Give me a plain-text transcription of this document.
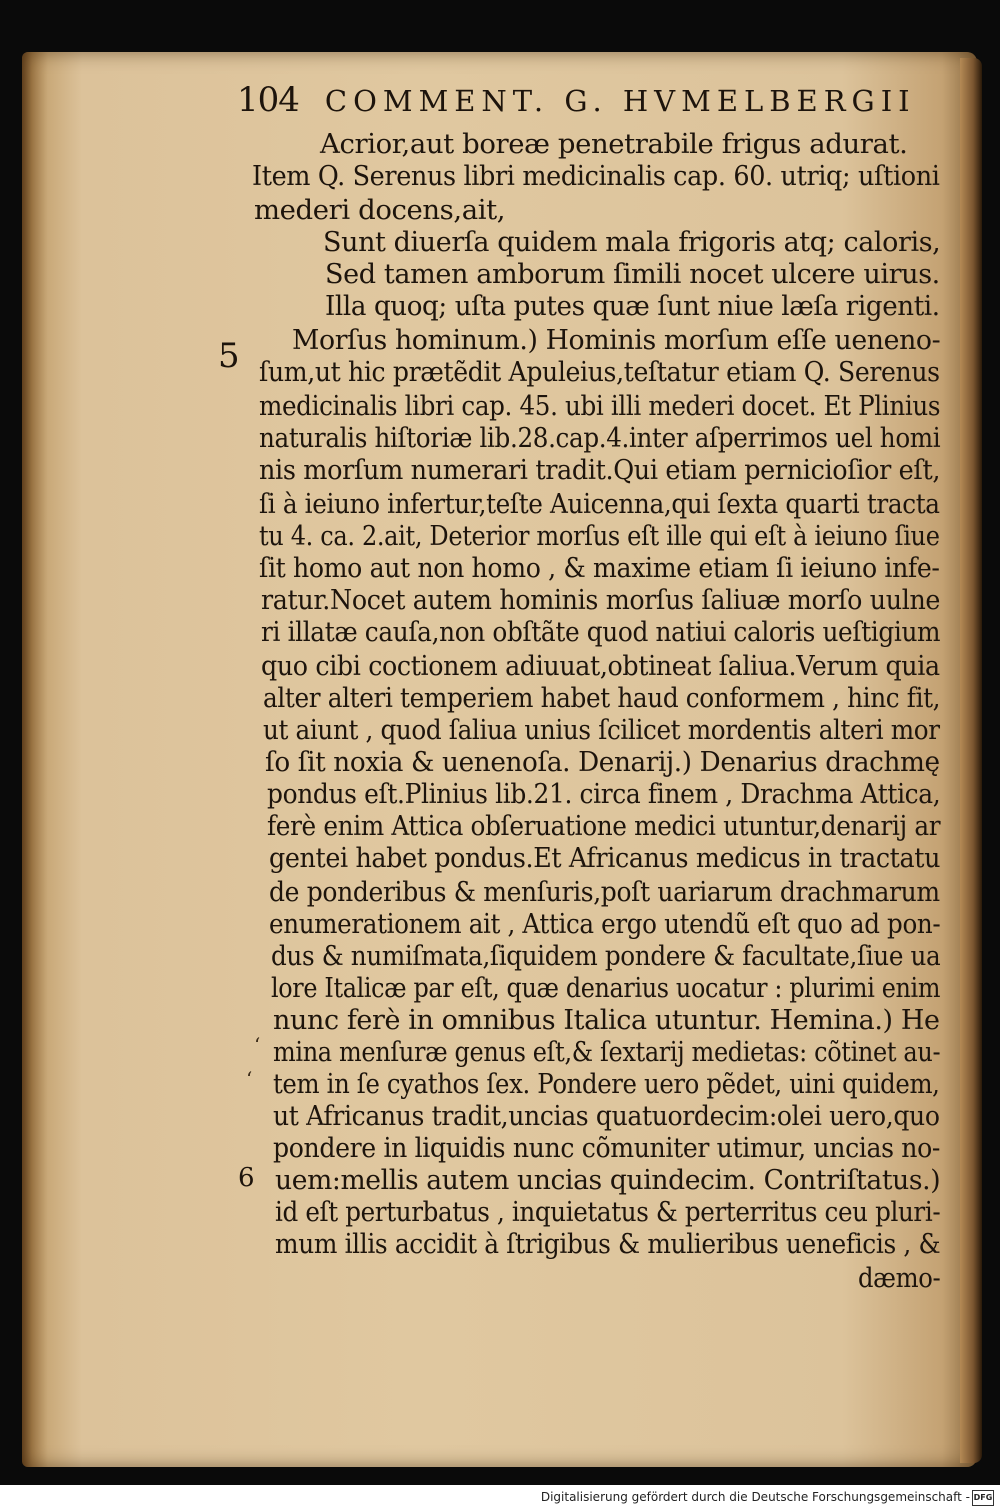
104 COMMENT. G. HVMELBERGII
5
6
‘
‘
Acrior,aut boreæ penetrabile frigus adurat.
Item Q. Serenus libri medicinalis cap. 60. utriq; uſtioni
mederi docens,ait,
Sunt diuerſa quidem mala frigoris atq; caloris,
Sed tamen amborum ſimili nocet ulcere uirus.
Illa quoq; uſta putes quæ ſunt niue læſa rigenti.
Morſus hominum.) Hominis morſum eſſe ueneno-
ſum,ut hic prætẽdit Apuleius,teſtatur etiam Q. Serenus
medicinalis libri cap. 45. ubi illi mederi docet. Et Plinius
naturalis hiſtoriæ lib.28.cap.4.inter aſperrimos uel homi
nis morſum numerari tradit.Qui etiam pernicioſior eſt,
ſi à ieiuno infertur,teſte Auicenna,qui ſexta quarti tracta
tu 4. ca. 2.ait, Deterior morſus eſt ille qui eſt à ieiuno ſiue
ſit homo aut non homo , & maxime etiam ſi ieiuno infe-
ratur.Nocet autem hominis morſus ſaliuæ morſo uulne
ri illatæ cauſa,non obſtãte quod natiui caloris ueſtigium
quo cibi coctionem adiuuat,obtineat ſaliua.Verum quia
alter alteri temperiem habet haud conformem , hinc fit,
ut aiunt , quod ſaliua unius ſcilicet mordentis alteri mor
ſo ſit noxia & uenenoſa. Denarij.) Denarius drachmę
pondus eſt.Plinius lib.21. circa finem , Drachma Attica,
ferè enim Attica obſeruatione medici utuntur,denarij ar
gentei habet pondus.Et Africanus medicus in tractatu
de ponderibus & menſuris,poſt uariarum drachmarum
enumerationem ait , Attica ergo utendũ eſt quo ad pon-
dus & numiſmata,ſiquidem pondere & facultate,ſiue ua
lore Italicæ par eſt, quæ denarius uocatur : plurimi enim
nunc ferè in omnibus Italica utuntur. Hemina.) He
mina menſuræ genus eſt,& ſextarij medietas: cõtinet au-
tem in ſe cyathos ſex. Pondere uero pẽdet, uini quidem,
ut Africanus tradit,uncias quatuordecim:olei uero,quo
pondere in liquidis nunc cõmuniter utimur, uncias no-
uem:mellis autem uncias quindecim. Contriſtatus.)
id eſt perturbatus , inquietatus & perterritus ceu pluri-
mum illis accidit à ſtrigibus & mulieribus ueneficis , &
dæmo-
Digitalisierung gefördert durch die Deutsche Forschungsgemeinschaft - DFG
